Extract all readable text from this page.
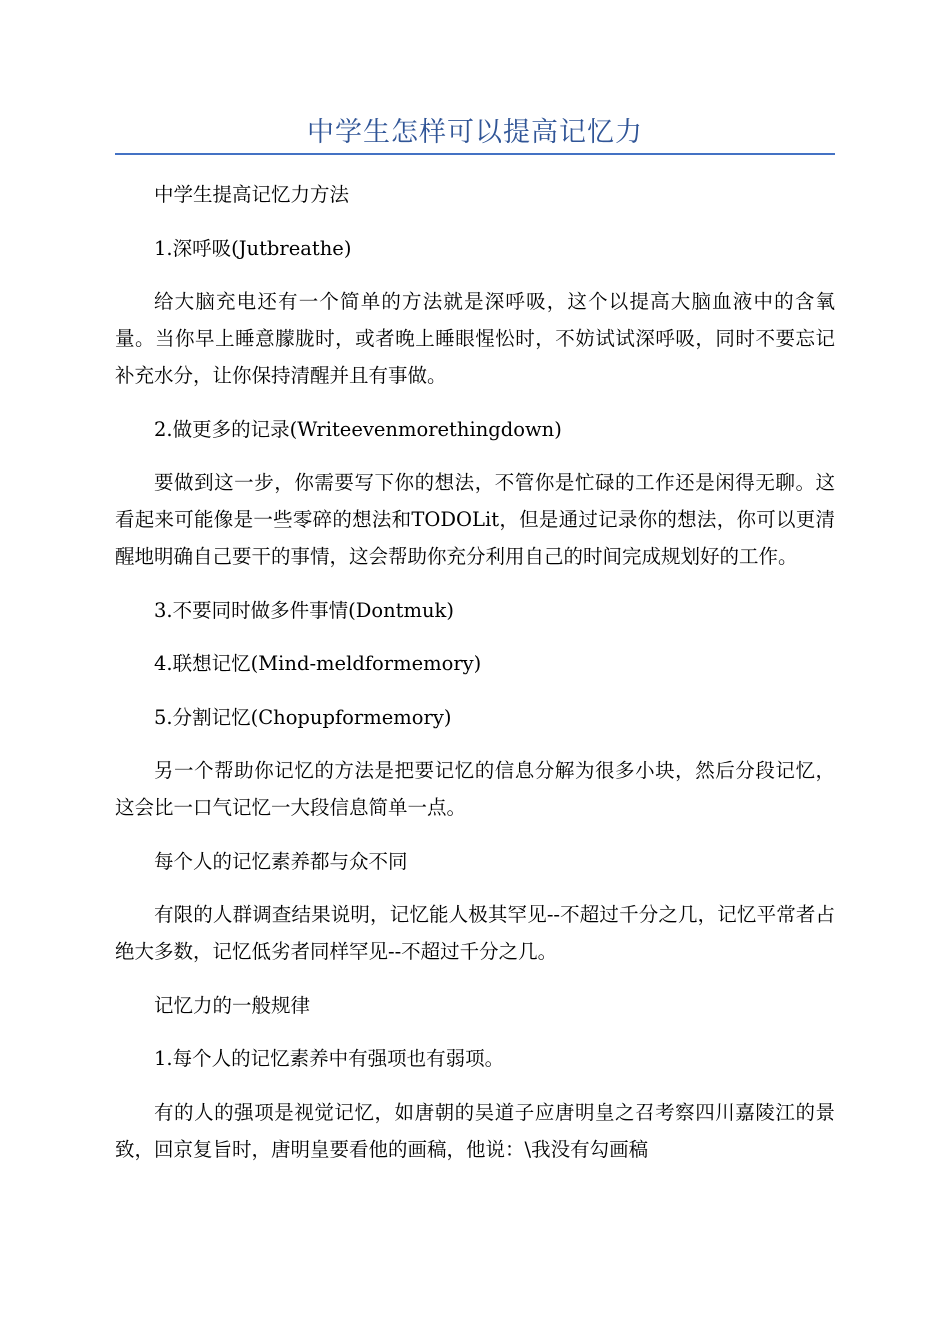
中学生怎样可以提高记忆力

中学生提高记忆力方法

1.深呼吸(Jutbreathe)

给大脑充电还有一个简单的方法就是深呼吸，这个以提高大脑血液中的含氧量。当你早上睡意朦胧时，或者晚上睡眼惺忪时，不妨试试深呼吸，同时不要忘记补充水分，让你保持清醒并且有事做。

2.做更多的记录(Writeevenmorethingdown)

要做到这一步，你需要写下你的想法，不管你是忙碌的工作还是闲得无聊。这看起来可能像是一些零碎的想法和TODOLit，但是通过记录你的想法，你可以更清醒地明确自己要干的事情，这会帮助你充分利用自己的时间完成规划好的工作。

3.不要同时做多件事情(Dontmuk)

4.联想记忆(Mind-meldformemory)

5.分割记忆(Chopupformemory)

另一个帮助你记忆的方法是把要记忆的信息分解为很多小块，然后分段记忆，这会比一口气记忆一大段信息简单一点。

每个人的记忆素养都与众不同

有限的人群调查结果说明，记忆能人极其罕见--不超过千分之几，记忆平常者占绝大多数，记忆低劣者同样罕见--不超过千分之几。

记忆力的一般规律

1.每个人的记忆素养中有强项也有弱项。

有的人的强项是视觉记忆，如唐朝的吴道子应唐明皇之召考察四川嘉陵江的景致，回京复旨时，唐明皇要看他的画稿，他说：\我没有勾画稿
